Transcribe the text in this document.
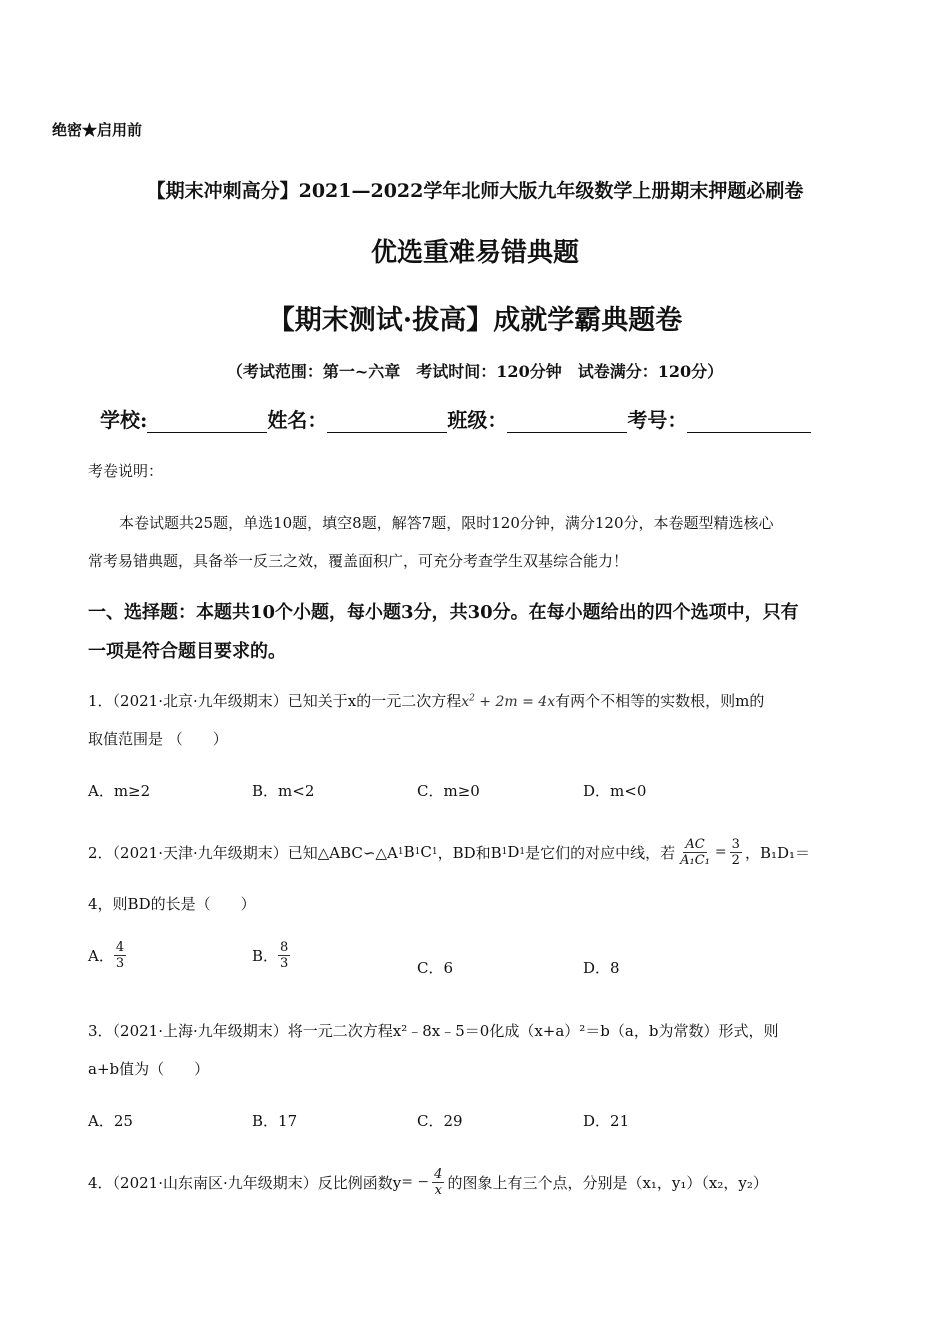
绝密★启用前
【期末冲刺高分】2021—2022学年北师大版九年级数学上册期末押题必刷卷
优选重难易错典题
【期末测试·拔高】成就学霸典题卷
（考试范围：第一~六章　考试时间：120分钟　试卷满分：120分）
学校:	姓名：	班级：	考号：
考卷说明：
本卷试题共25题，单选10题，填空8题，解答7题，限时120分钟，满分120分，本卷题型精选核心
常考易错典题，具备举一反三之效，覆盖面积广，可充分考查学生双基综合能力！
一、选择题：本题共10个小题，每小题3分，共30分。在每小题给出的四个选项中，只有
一项是符合题目要求的。
1．（2021·北京·九年级期末）已知关于x的一元二次方程$x^2 + 2m = 4x$有两个不相等的实数根，则m的
取值范围是 （　　）
A．m≥2	B．m<2	C．m≥0	D．m<0
2．（2021·天津·九年级期末）已知△ABC∽△A 1 B 1 C 1 ，BD和B 1 D 1 是它们的对应中线，若 $\frac{AC}{\text{A₁C₁}} = \frac{3}{2}$ ，B₁D₁＝
4，则BD的长是（　　）
A． $\frac{4}{3}$	B． $\frac{8}{3}$	C．6	D．8
3．（2021·上海·九年级期末）将一元二次方程x²﹣8x﹣5＝0化成（x+a）²＝b（a，b为常数）形式，则
a+b值为（　　）
A．25	B．17	C．29	D．21
4．（2021·山东南区·九年级期末）反比例函数y = − $\frac{4}{x}$ 的图象上有三个点，分别是（x₁，y₁）（x₂，y₂）
